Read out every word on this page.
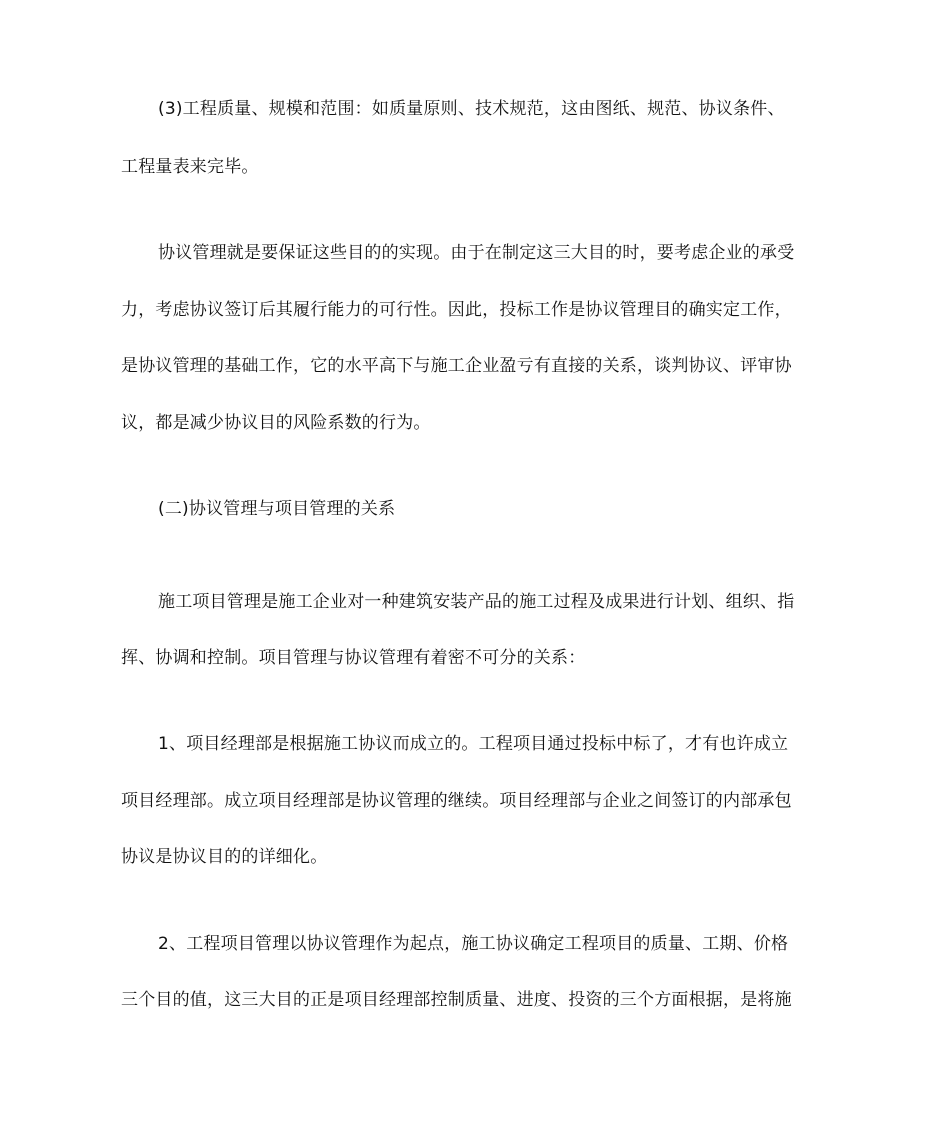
(3)工程质量、规模和范围：如质量原则、技术规范，这由图纸、规范、协议条件、
工程量表来完毕。
协议管理就是要保证这些目的的实现。由于在制定这三大目的时，要考虑企业的承受
力，考虑协议签订后其履行能力的可行性。因此，投标工作是协议管理目的确实定工作，
是协议管理的基础工作，它的水平高下与施工企业盈亏有直接的关系，谈判协议、评审协
议，都是减少协议目的风险系数的行为。
(二)协议管理与项目管理的关系
施工项目管理是施工企业对一种建筑安装产品的施工过程及成果进行计划、组织、指
挥、协调和控制。项目管理与协议管理有着密不可分的关系：
1、项目经理部是根据施工协议而成立的。工程项目通过投标中标了，才有也许成立
项目经理部。成立项目经理部是协议管理的继续。项目经理部与企业之间签订的内部承包
协议是协议目的的详细化。
2、工程项目管理以协议管理作为起点，施工协议确定工程项目的质量、工期、价格
三个目的值，这三大目的正是项目经理部控制质量、进度、投资的三个方面根据，是将施
